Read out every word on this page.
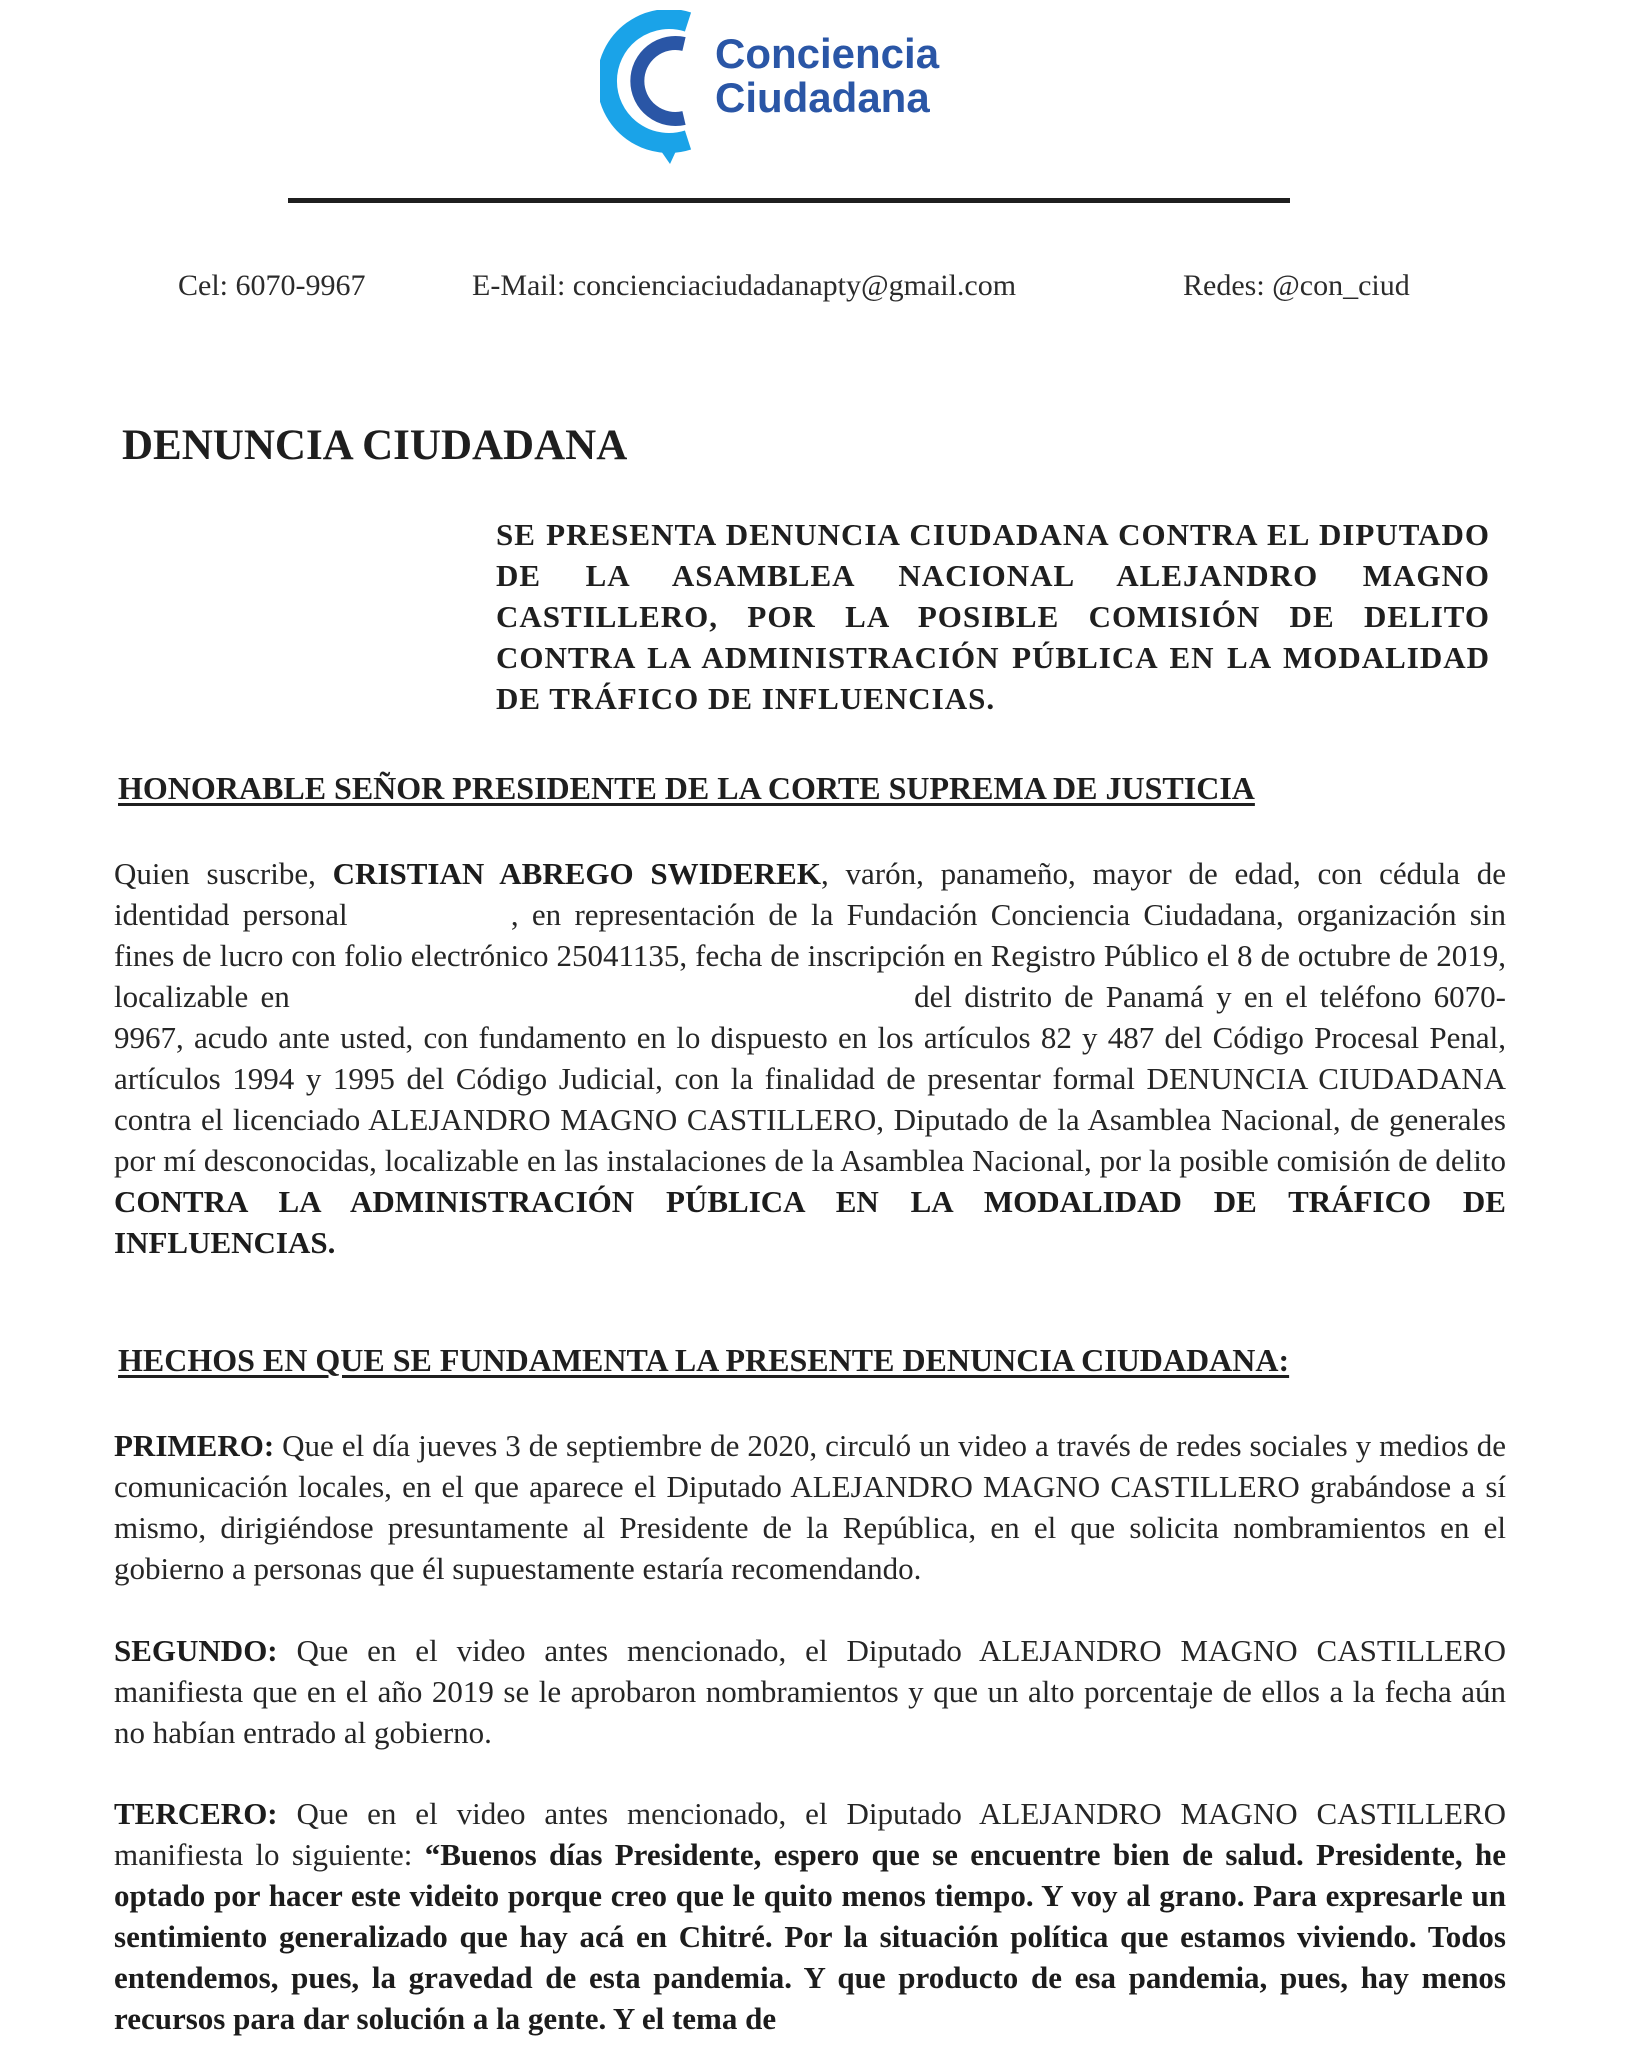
Conciencia
Ciudadana
Cel: 6070-9967	E-Mail: concienciaciudadanapty@gmail.com	Redes: @con_ciud
DENUNCIA CIUDADANA

SE PRESENTA DENUNCIA CIUDADANA CONTRA EL DIPUTADO DE LA ASAMBLEA NACIONAL ALEJANDRO MAGNO CASTILLERO, POR LA POSIBLE COMISIÓN DE DELITO CONTRA LA ADMINISTRACIÓN PÚBLICA EN LA MODALIDAD DE TRÁFICO DE INFLUENCIAS.

HONORABLE SEÑOR PRESIDENTE DE LA CORTE SUPREMA DE JUSTICIA

Quien suscribe, CRISTIAN ABREGO SWIDEREK, varón, panameño, mayor de edad, con cédula de identidad personal	, en representación de la Fundación Conciencia Ciudadana, organización sin fines de lucro con folio electrónico 25041135, fecha de inscripción en Registro Público el 8 de octubre de 2019, localizable en	del distrito de Panamá y en el teléfono 6070-9967, acudo ante usted, con fundamento en lo dispuesto en los artículos 82 y 487 del Código Procesal Penal, artículos 1994 y 1995 del Código Judicial, con la finalidad de presentar formal DENUNCIA CIUDADANA contra el licenciado ALEJANDRO MAGNO CASTILLERO, Diputado de la Asamblea Nacional, de generales por mí desconocidas, localizable en las instalaciones de la Asamblea Nacional, por la posible comisión de delito CONTRA LA ADMINISTRACIÓN PÚBLICA EN LA MODALIDAD DE TRÁFICO DE INFLUENCIAS.

HECHOS EN QUE SE FUNDAMENTA LA PRESENTE DENUNCIA CIUDADANA:

PRIMERO: Que el día jueves 3 de septiembre de 2020, circuló un video a través de redes sociales y medios de comunicación locales, en el que aparece el Diputado ALEJANDRO MAGNO CASTILLERO grabándose a sí mismo, dirigiéndose presuntamente al Presidente de la República, en el que solicita nombramientos en el gobierno a personas que él supuestamente estaría recomendando.

SEGUNDO: Que en el video antes mencionado, el Diputado ALEJANDRO MAGNO CASTILLERO manifiesta que en el año 2019 se le aprobaron nombramientos y que un alto porcentaje de ellos a la fecha aún no habían entrado al gobierno.

TERCERO: Que en el video antes mencionado, el Diputado ALEJANDRO MAGNO CASTILLERO manifiesta lo siguiente: “Buenos días Presidente, espero que se encuentre bien de salud. Presidente, he optado por hacer este videito porque creo que le quito menos tiempo. Y voy al grano. Para expresarle un sentimiento generalizado que hay acá en Chitré. Por la situación política que estamos viviendo. Todos entendemos, pues, la gravedad de esta pandemia. Y que producto de esa pandemia, pues, hay menos recursos para dar solución a la gente. Y el tema de
